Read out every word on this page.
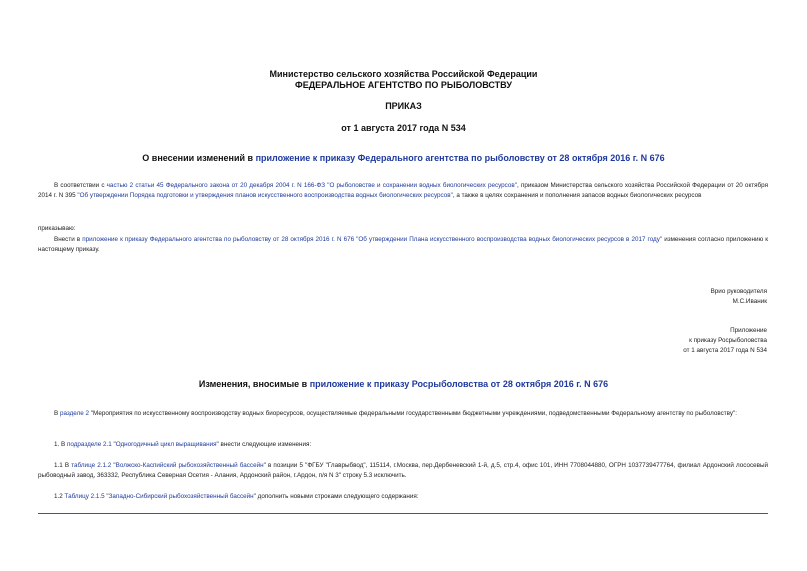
Министерство сельского хозяйства Российской Федерации
ФЕДЕРАЛЬНОЕ АГЕНТСТВО ПО РЫБОЛОВСТВУ
ПРИКАЗ
от 1 августа 2017 года N 534
О внесении изменений в приложение к приказу Федерального агентства по рыболовству от 28 октября 2016 г. N 676

В соответствии с частью 2 статьи 45 Федерального закона от 20 декабря 2004 г. N 166-ФЗ "О рыболовстве и сохранении водных биологических ресурсов", приказом Министерства сельского хозяйства Российской Федерации от 20 октября 2014 г. N 395 "Об утверждении Порядка подготовки и утверждения планов искусственного воспроизводства водных биологических ресурсов", а также в целях сохранения и пополнения запасов водных биологических ресурсов

приказываю:

Внести в приложение к приказу Федерального агентства по рыболовству от 28 октября 2016 г. N 676 "Об утверждении Плана искусственного воспроизводства водных биологических ресурсов в 2017 году" изменения согласно приложению к настоящему приказу.

Врио руководителя
М.С.Иваник
Приложение
к приказу Росрыболовства
от 1 августа 2017 года N 534
Изменения, вносимые в приложение к приказу Росрыболовства от 28 октября 2016 г. N 676

В разделе 2 "Мероприятия по искусственному воспроизводству водных биоресурсов, осуществляемые федеральными государственными бюджетными учреждениями, подведомственными Федеральному агентству по рыболовству":

1. В подразделе 2.1 "Одногодичный цикл выращивания" внести следующие изменения:

1.1 В таблице 2.1.2 "Волжско-Каспийский рыбохозяйственный бассейн" в позиции 5 "ФГБУ "Главрыбвод", 115114, г.Москва, пер.Дербеневский 1-й, д.5, стр.4, офис 101, ИНН 7708044880, ОГРН 1037739477764, филиал Ардонский лососевый рыбоводный завод, 363332, Республика Северная Осетия - Алания, Ардонский район, г.Ардон, п/я N 3" строку 5.3 исключить.

1.2 Таблицу 2.1.5 "Западно-Сибирский рыбохозяйственный бассейн" дополнить новыми строками следующего содержания:
